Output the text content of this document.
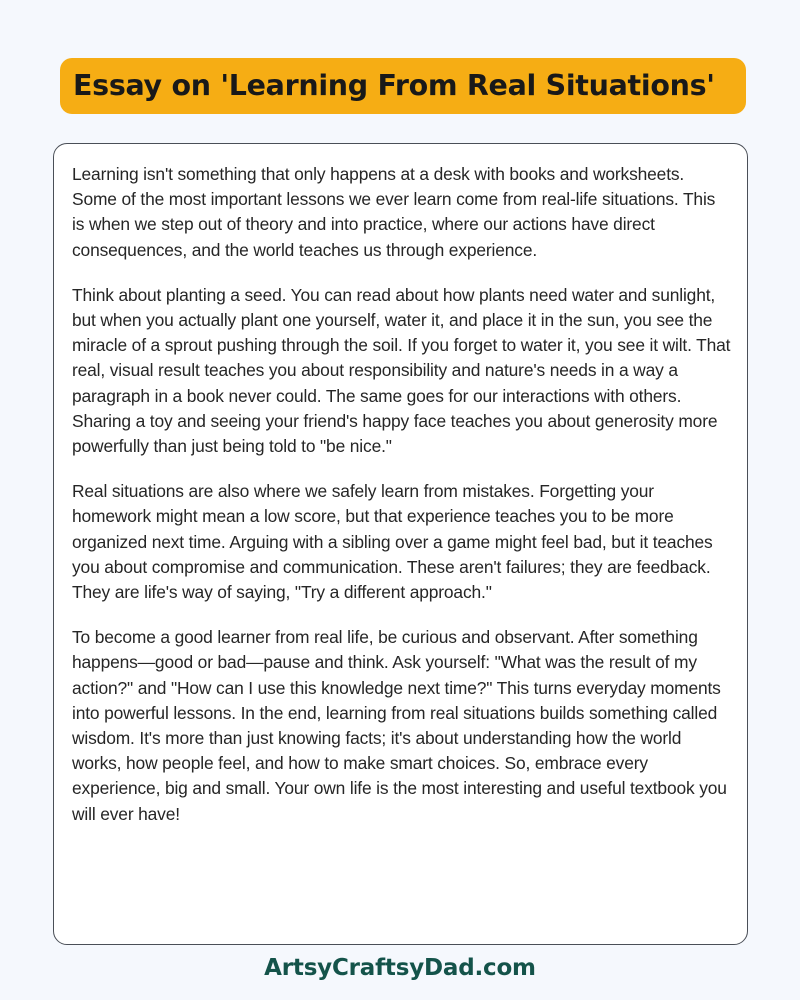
Essay on 'Learning From Real Situations'

Learning isn't something that only happens at a desk with books and worksheets. Some of the most important lessons we ever learn come from real-life situations. This is when we step out of theory and into practice, where our actions have direct consequences, and the world teaches us through experience.

Think about planting a seed. You can read about how plants need water and sunlight, but when you actually plant one yourself, water it, and place it in the sun, you see the miracle of a sprout pushing through the soil. If you forget to water it, you see it wilt. That real, visual result teaches you about responsibility and nature's needs in a way a paragraph in a book never could. The same goes for our interactions with others. Sharing a toy and seeing your friend's happy face teaches you about generosity more powerfully than just being told to "be nice."

Real situations are also where we safely learn from mistakes. Forgetting your homework might mean a low score, but that experience teaches you to be more organized next time. Arguing with a sibling over a game might feel bad, but it teaches you about compromise and communication. These aren't failures; they are feedback. They are life's way of saying, "Try a different approach."

To become a good learner from real life, be curious and observant. After something happens—good or bad—pause and think. Ask yourself: "What was the result of my action?" and "How can I use this knowledge next time?" This turns everyday moments into powerful lessons. In the end, learning from real situations builds something called wisdom. It's more than just knowing facts; it's about understanding how the world works, how people feel, and how to make smart choices. So, embrace every experience, big and small. Your own life is the most interesting and useful textbook you will ever have!

ArtsyCraftsyDad.com
